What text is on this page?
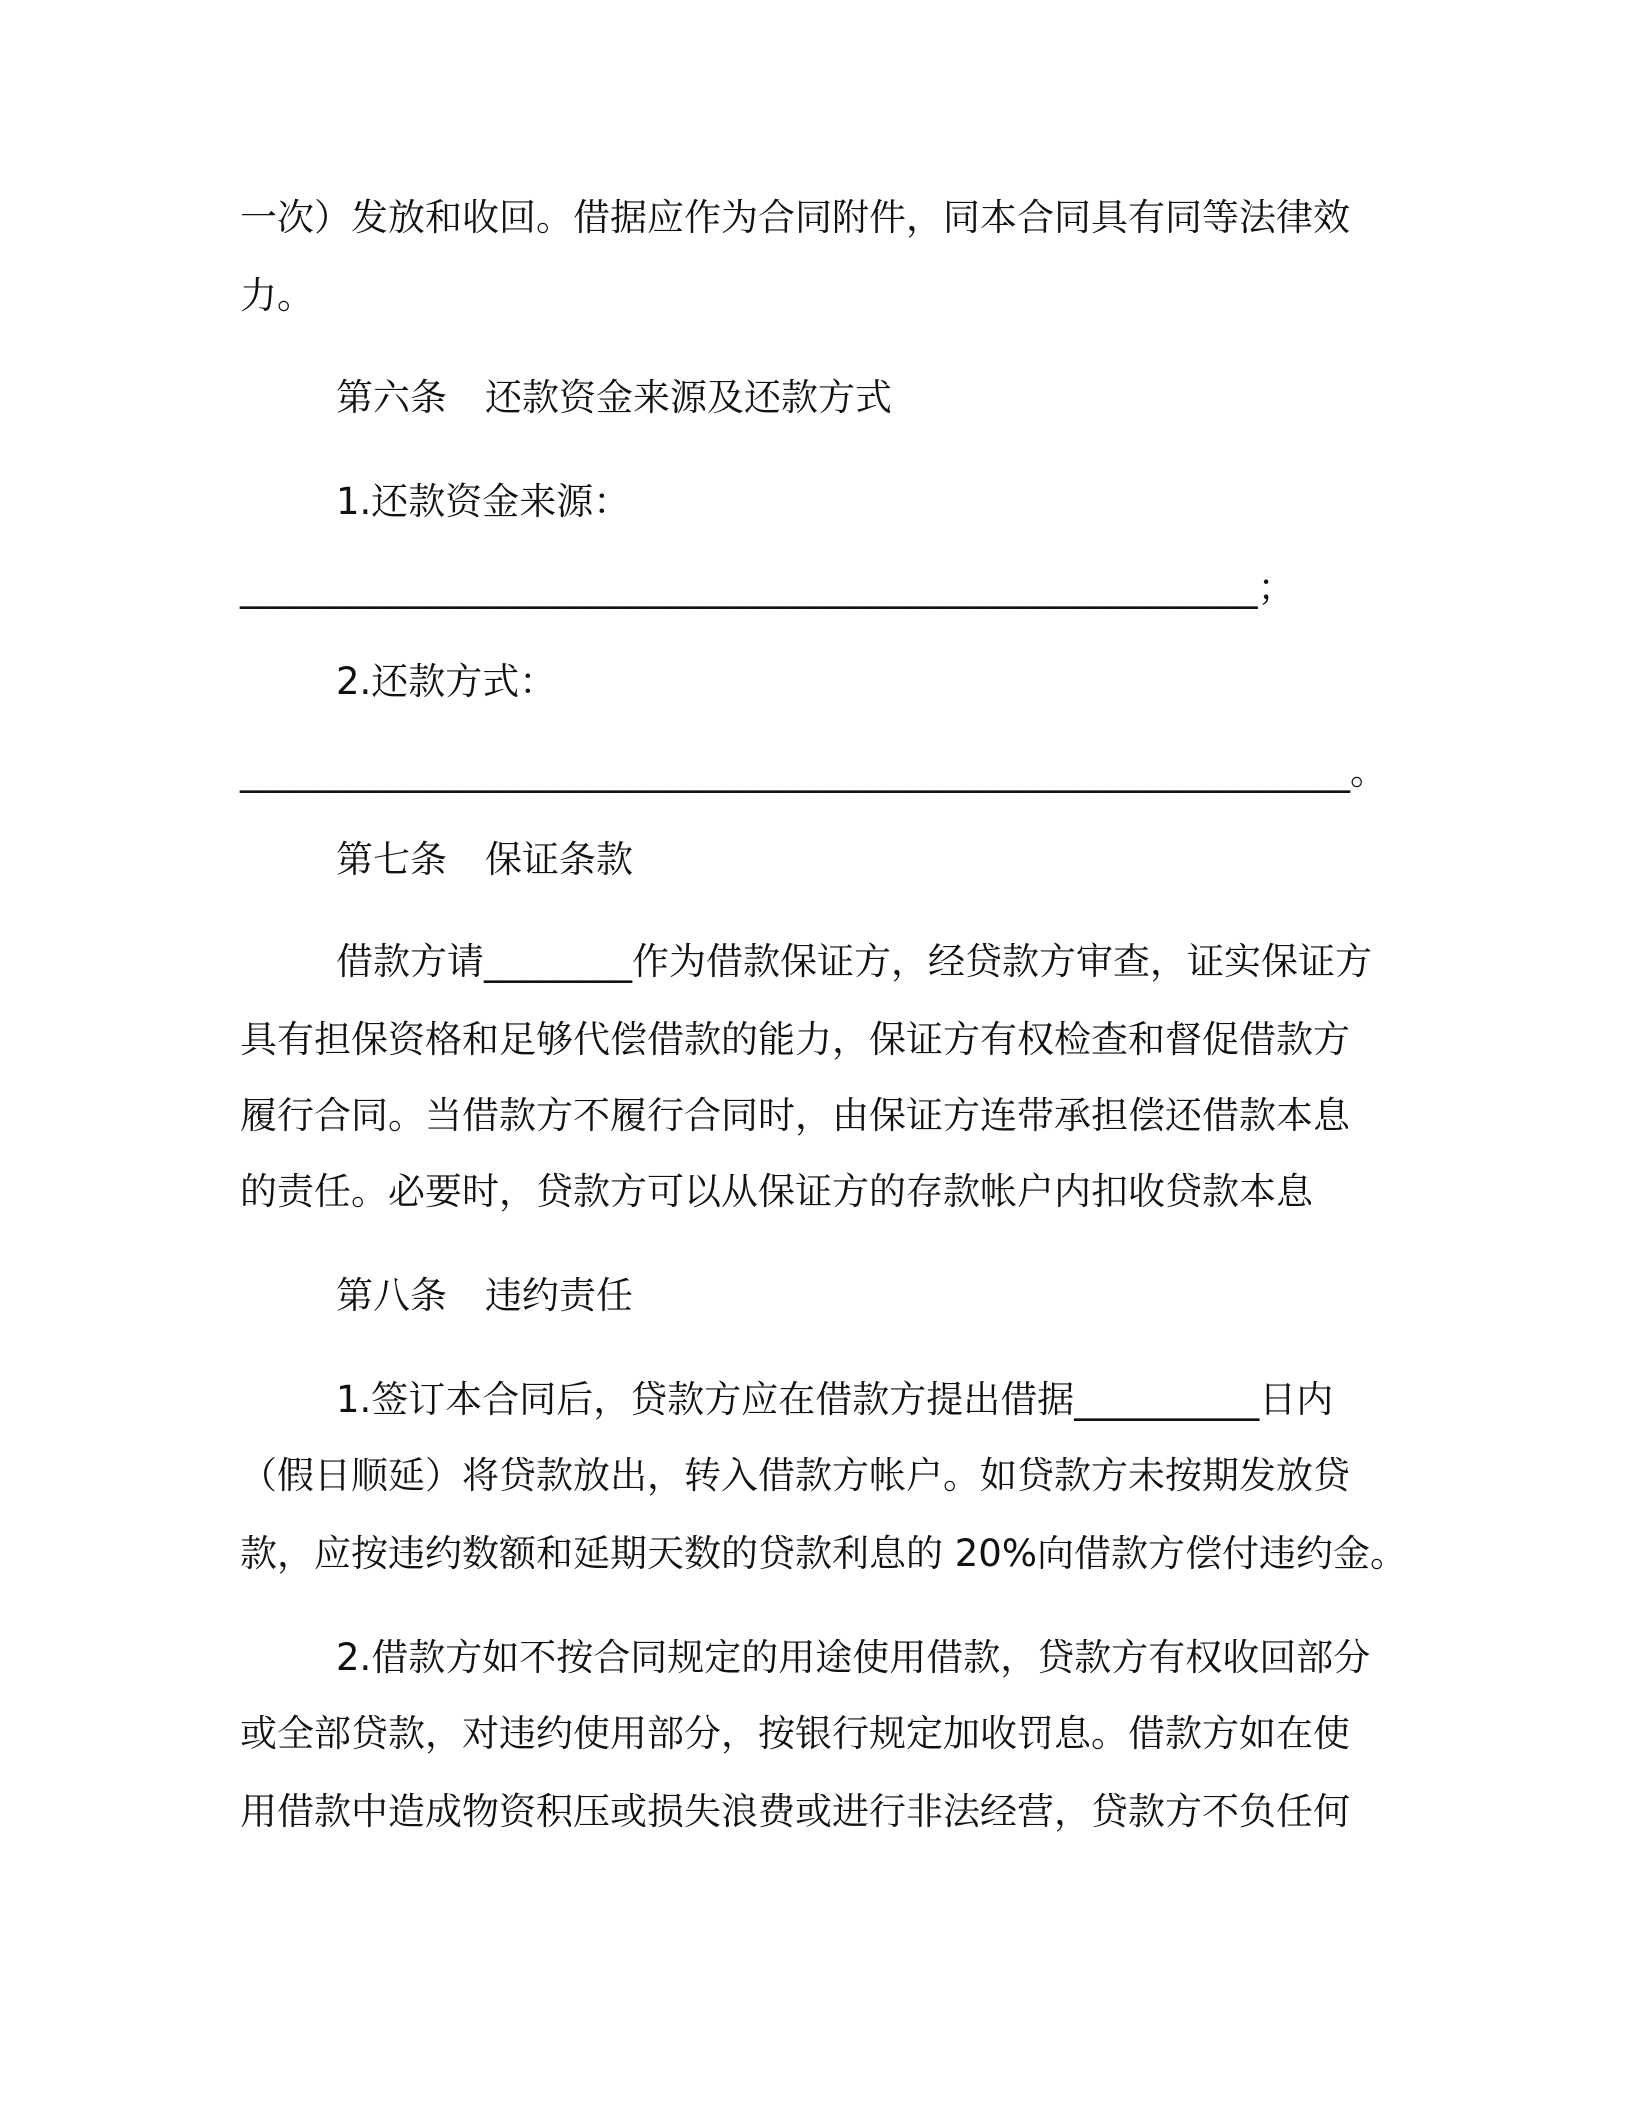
一次）发放和收回。借据应作为合同附件，同本合同具有同等法律效
力。
第六条 还款资金来源及还款方式
1.还款资金来源：
_______________________________________________________；
2.还款方式：
____________________________________________________________。
第七条 保证条款
借款方请________作为借款保证方，经贷款方审查，证实保证方
具有担保资格和足够代偿借款的能力，保证方有权检查和督促借款方
履行合同。当借款方不履行合同时，由保证方连带承担偿还借款本息
的责任。必要时，贷款方可以从保证方的存款帐户内扣收贷款本息
第八条 违约责任
1.签订本合同后，贷款方应在借款方提出借据__________日内
（假日顺延）将贷款放出，转入借款方帐户。如贷款方未按期发放贷
款，应按违约数额和延期天数的贷款利息的 20%向借款方偿付违约金。
2.借款方如不按合同规定的用途使用借款，贷款方有权收回部分
或全部贷款，对违约使用部分，按银行规定加收罚息。借款方如在使
用借款中造成物资积压或损失浪费或进行非法经营，贷款方不负任何
